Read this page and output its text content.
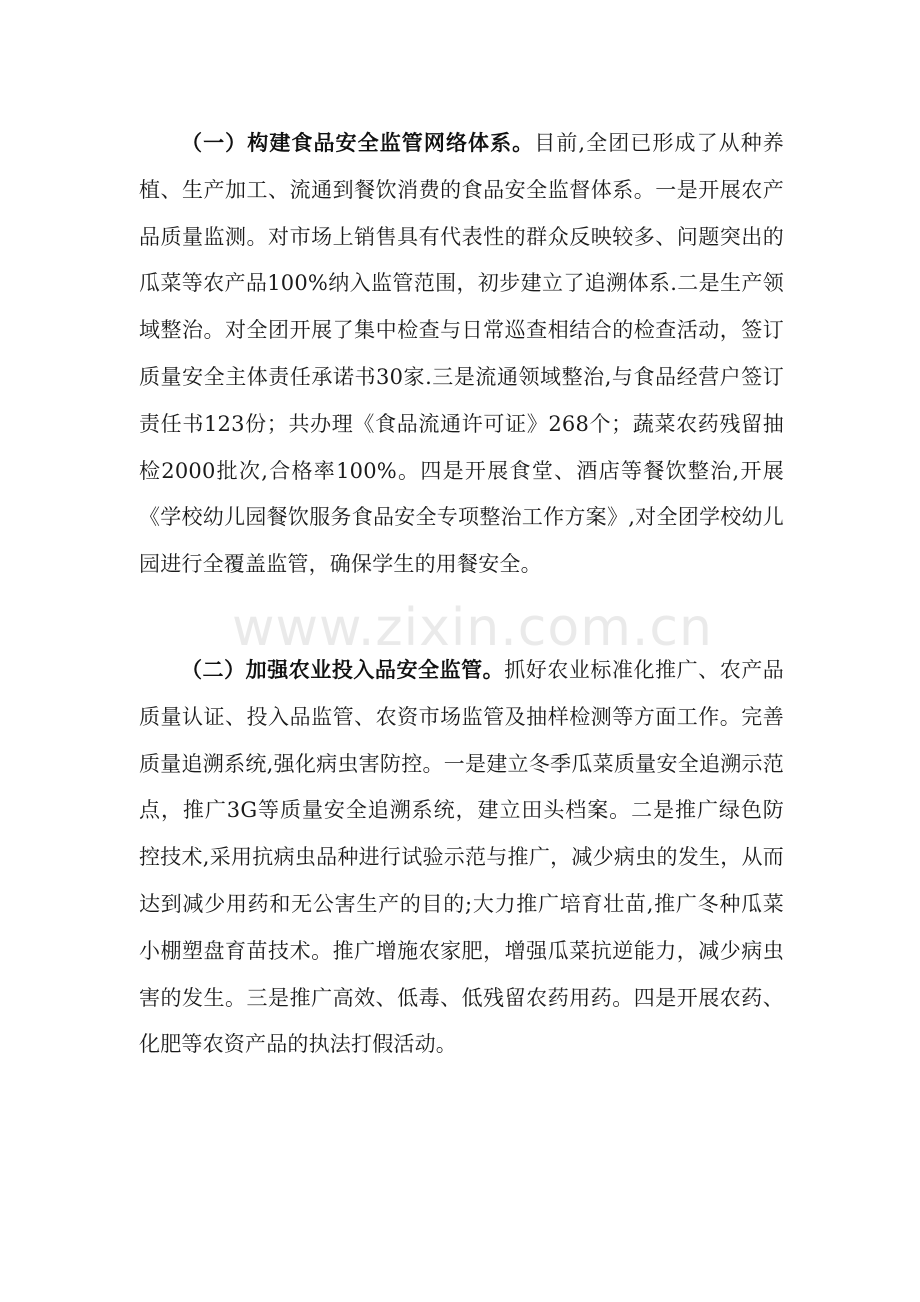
（一）构建食品安全监管网络体系。目前,全团已形成了从种养植、生产加工、流通到餐饮消费的食品安全监督体系。一是开展农产品质量监测。对市场上销售具有代表性的群众反映较多、问题突出的瓜菜等农产品100%纳入监管范围，初步建立了追溯体系.二是生产领域整治。对全团开展了集中检查与日常巡查相结合的检查活动，签订质量安全主体责任承诺书30家.三是流通领域整治,与食品经营户签订责任书123份；共办理《食品流通许可证》268个；蔬菜农药残留抽检2000批次,合格率100%。四是开展食堂、酒店等餐饮整治,开展《学校幼儿园餐饮服务食品安全专项整治工作方案》,对全团学校幼儿园进行全覆盖监管，确保学生的用餐安全。

www.zixin.com.cn

（二）加强农业投入品安全监管。抓好农业标准化推广、农产品质量认证、投入品监管、农资市场监管及抽样检测等方面工作。完善质量追溯系统,强化病虫害防控。一是建立冬季瓜菜质量安全追溯示范点，推广3G等质量安全追溯系统，建立田头档案。二是推广绿色防控技术,采用抗病虫品种进行试验示范与推广，减少病虫的发生，从而达到减少用药和无公害生产的目的;大力推广培育壮苗,推广冬种瓜菜小棚塑盘育苗技术。推广增施农家肥，增强瓜菜抗逆能力，减少病虫害的发生。三是推广高效、低毒、低残留农药用药。四是开展农药、化肥等农资产品的执法打假活动。
